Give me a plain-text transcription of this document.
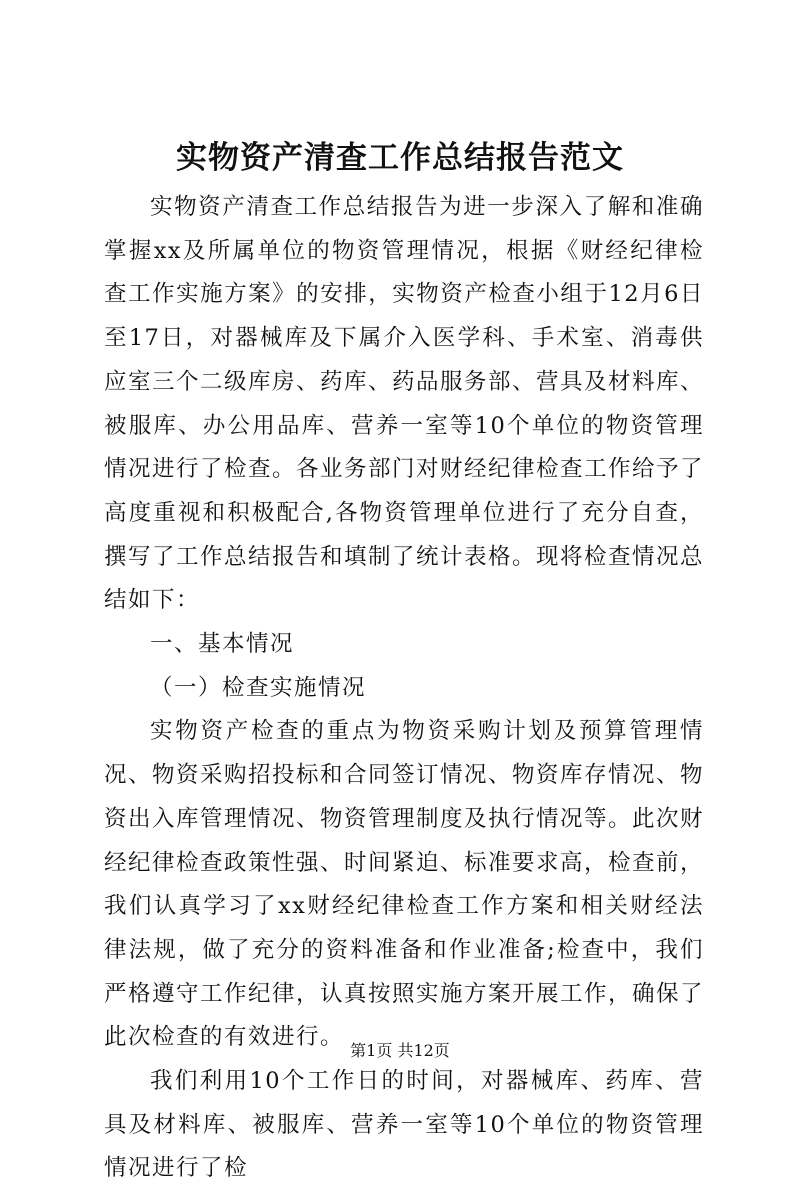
实物资产清查工作总结报告范文

实物资产清查工作总结报告为进一步深入了解和准确掌握xx及所属单位的物资管理情况，根据《财经纪律检查工作实施方案》的安排，实物资产检查小组于12月6日至17日，对器械库及下属介入医学科、手术室、消毒供应室三个二级库房、药库、药品服务部、营具及材料库、被服库、办公用品库、营养一室等10个单位的物资管理情况进行了检查。各业务部门对财经纪律检查工作给予了高度重视和积极配合,各物资管理单位进行了充分自查，撰写了工作总结报告和填制了统计表格。现将检查情况总结如下：

一、基本情况

（一）检查实施情况

实物资产检查的重点为物资采购计划及预算管理情况、物资采购招投标和合同签订情况、物资库存情况、物资出入库管理情况、物资管理制度及执行情况等。此次财经纪律检查政策性强、时间紧迫、标准要求高，检查前，我们认真学习了xx财经纪律检查工作方案和相关财经法律法规，做了充分的资料准备和作业准备;检查中，我们严格遵守工作纪律，认真按照实施方案开展工作，确保了此次检查的有效进行。

我们利用10个工作日的时间，对器械库、药库、营具及材料库、被服库、营养一室等10个单位的物资管理情况进行了检

第1页 共12页
